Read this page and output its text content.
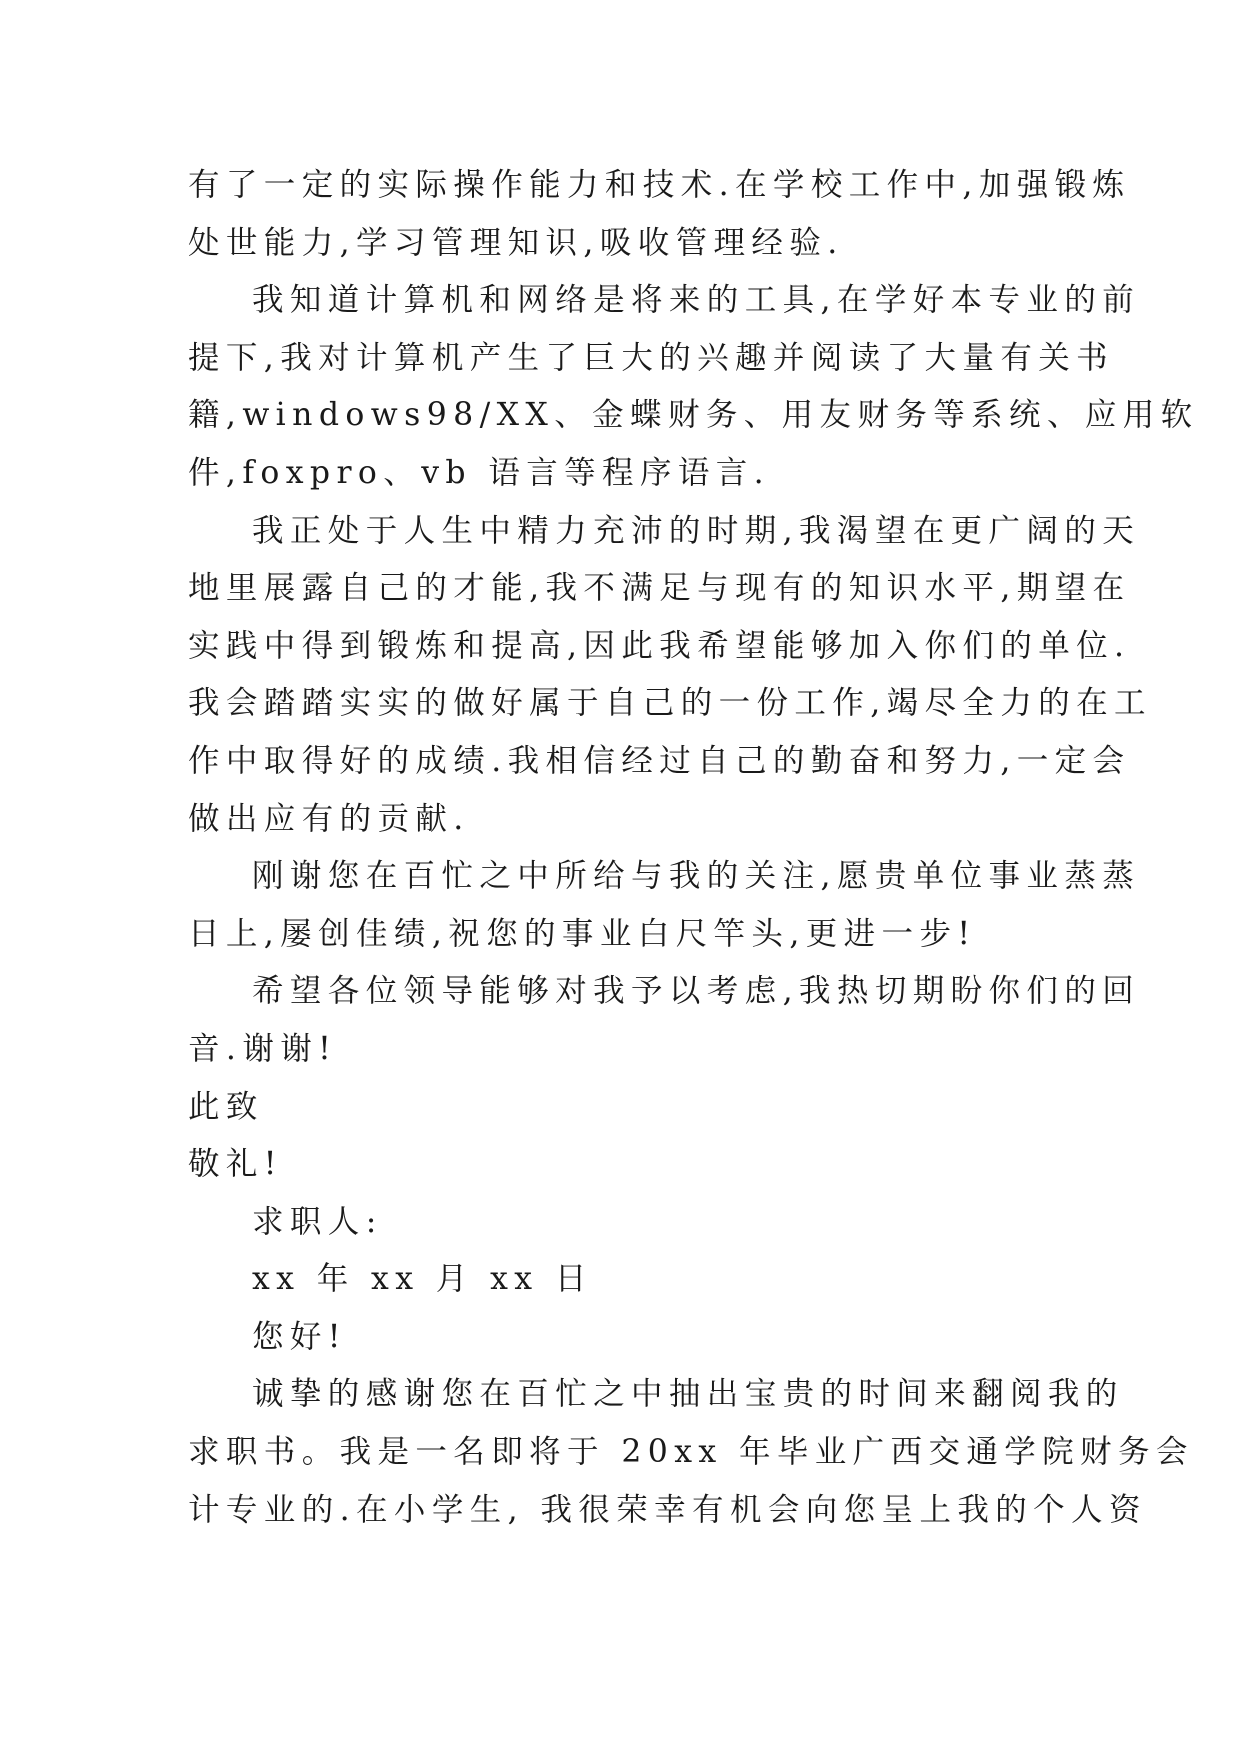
有了一定的实际操作能力和技术.在学校工作中,加强锻炼
处世能力,学习管理知识,吸收管理经验.
我知道计算机和网络是将来的工具,在学好本专业的前
提下,我对计算机产生了巨大的兴趣并阅读了大量有关书
籍,windows98/XX、金蝶财务、用友财务等系统、应用软
件,foxpro、vb 语言等程序语言.
我正处于人生中精力充沛的时期,我渴望在更广阔的天
地里展露自己的才能,我不满足与现有的知识水平,期望在
实践中得到锻炼和提高,因此我希望能够加入你们的单位.
我会踏踏实实的做好属于自己的一份工作,竭尽全力的在工
作中取得好的成绩.我相信经过自己的勤奋和努力,一定会
做出应有的贡献.
刚谢您在百忙之中所给与我的关注,愿贵单位事业蒸蒸
日上,屡创佳绩,祝您的事业白尺竿头,更进一步!
希望各位领导能够对我予以考虑,我热切期盼你们的回
音.谢谢!
此致
敬礼!
求职人:
xx 年 xx 月 xx 日
您好!
诚挚的感谢您在百忙之中抽出宝贵的时间来翻阅我的
求职书。我是一名即将于 20xx 年毕业广西交通学院财务会
计专业的.在小学生, 我很荣幸有机会向您呈上我的个人资
